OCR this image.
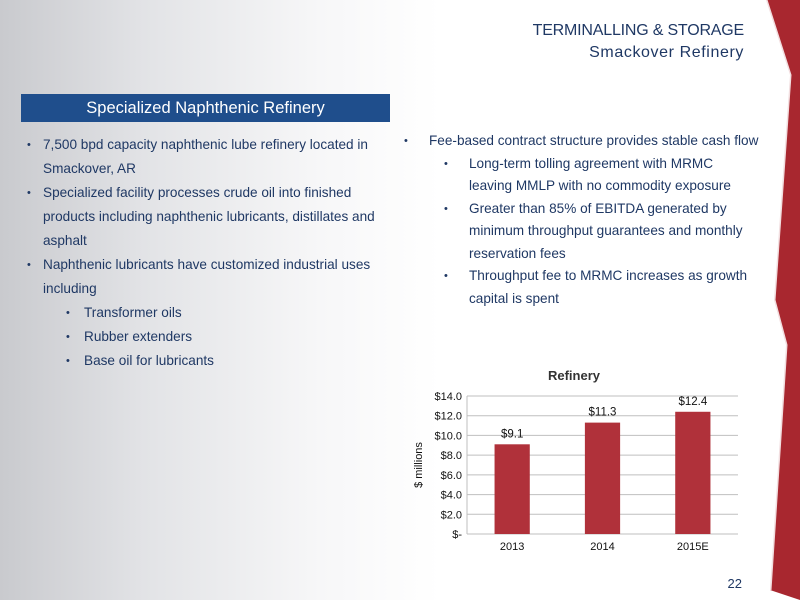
TERMINALLING & STORAGE
Smackover Refinery
Specialized Naphthenic Refinery
• 7,500 bpd capacity naphthenic lube refinery located in Smackover, AR
• Specialized facility processes crude oil into finished products including naphthenic lubricants, distillates and asphalt
• Naphthenic lubricants have customized industrial uses including
• Transformer oils
• Rubber extenders
• Base oil for lubricants
• Fee-based contract structure provides stable cash flow
• Long-term tolling agreement with MRMC leaving MMLP with no commodity exposure
• Greater than 85% of EBITDA generated by minimum throughput guarantees and monthly reservation fees
• Throughput fee to MRMC increases as growth capital is spent
Refinery
$ millions
$-
$2.0
$4.0
$6.0
$8.0
$10.0
$12.0
$14.0
$9.1
$11.3
$12.4
2013	2014	2015E
22
